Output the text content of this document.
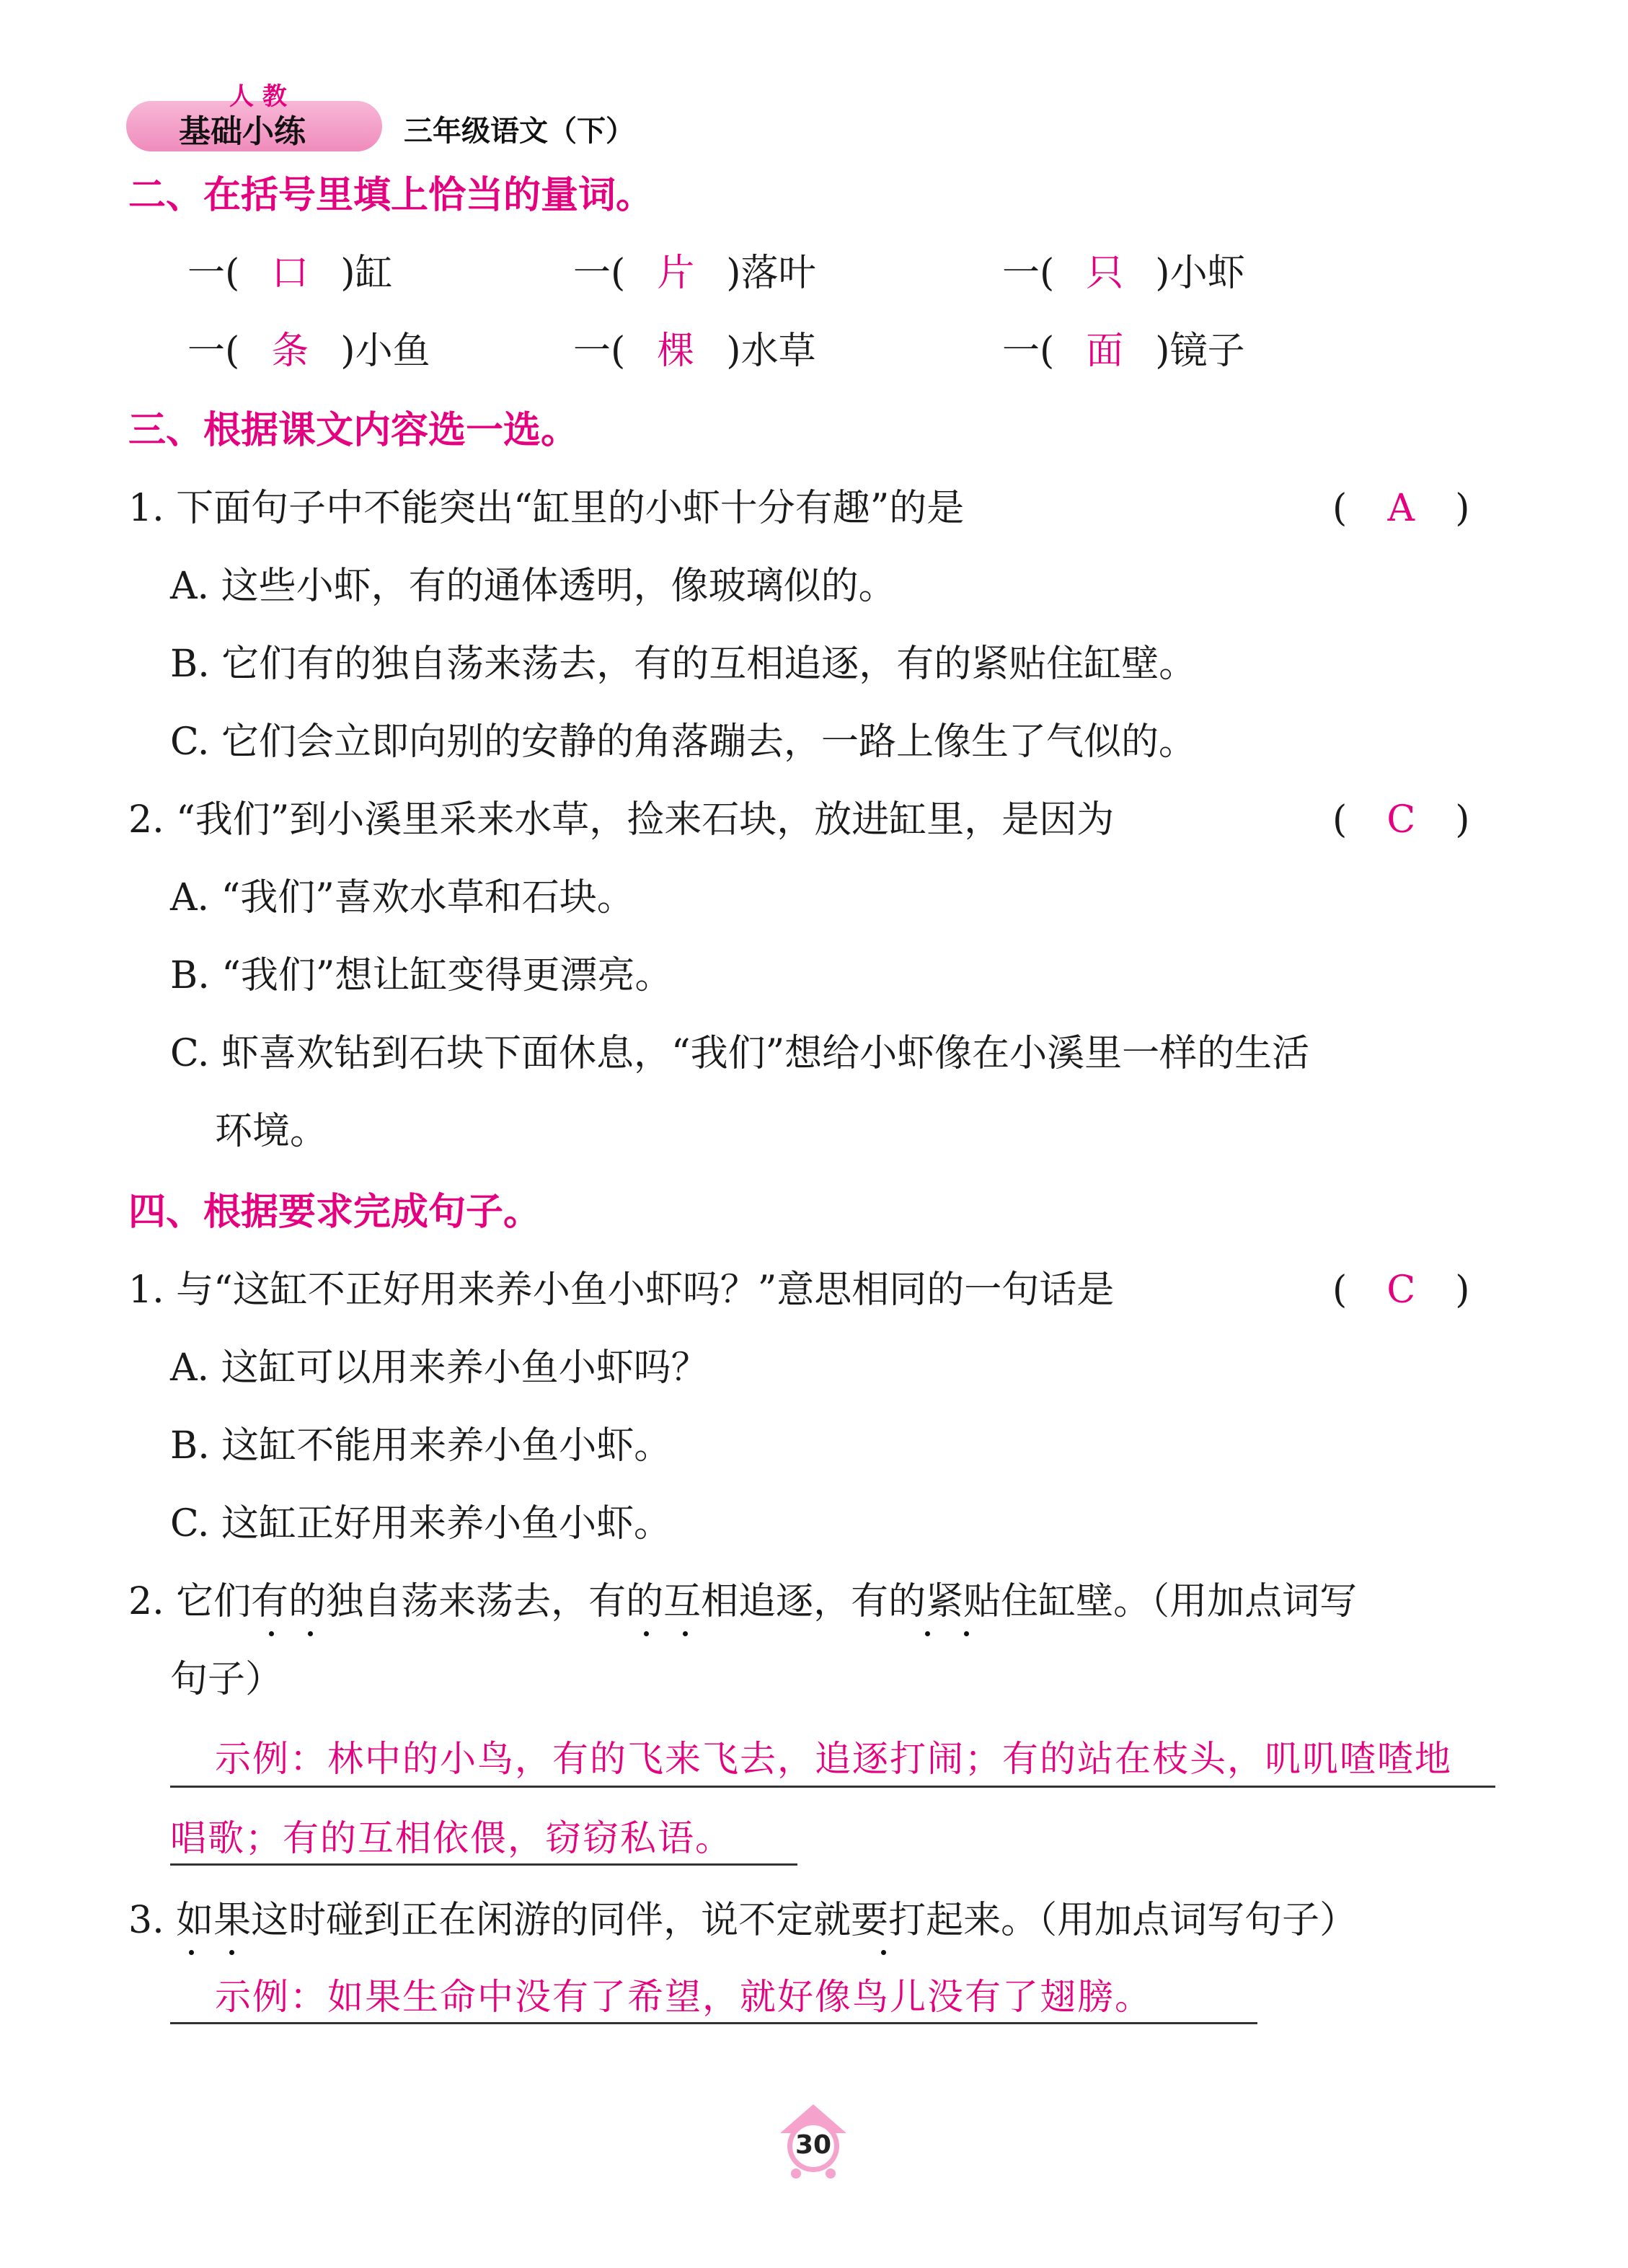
人 教
基础小练	三年级语文（下）
二、在括号里填上恰当的量词。
一( 口 )缸	一( 片 )落叶	一( 只 )小虾
一( 条 )小鱼	一( 棵 )水草	一( 面 )镜子
三、根据课文内容选一选。
1. 下面句子中不能突出“缸里的小虾十分有趣”的是	( A )
A. 这些小虾，有的通体透明，像玻璃似的。
B. 它们有的独自荡来荡去，有的互相追逐，有的紧贴住缸壁。
C. 它们会立即向别的安静的角落蹦去，一路上像生了气似的。
2. “我们”到小溪里采来水草，捡来石块，放进缸里，是因为	( C )
A. “我们”喜欢水草和石块。
B. “我们”想让缸变得更漂亮。
C. 虾喜欢钻到石块下面休息，“我们”想给小虾像在小溪里一样的生活
环境。
四、根据要求完成句子。
1. 与“这缸不正好用来养小鱼小虾吗？”意思相同的一句话是	( C )
A. 这缸可以用来养小鱼小虾吗？
B. 这缸不能用来养小鱼小虾。
C. 这缸正好用来养小鱼小虾。
2. 它们有的独自荡来荡去，有的互相追逐，有的紧贴住缸壁。（用加点词写
句子）
示例：林中的小鸟，有的飞来飞去，追逐打闹；有的站在枝头，叽叽喳喳地
唱歌；有的互相依偎，窃窃私语。
3. 如果这时碰到正在闲游的同伴，说不定就要打起来。（用加点词写句子）
示例：如果生命中没有了希望，就好像鸟儿没有了翅膀。
30
